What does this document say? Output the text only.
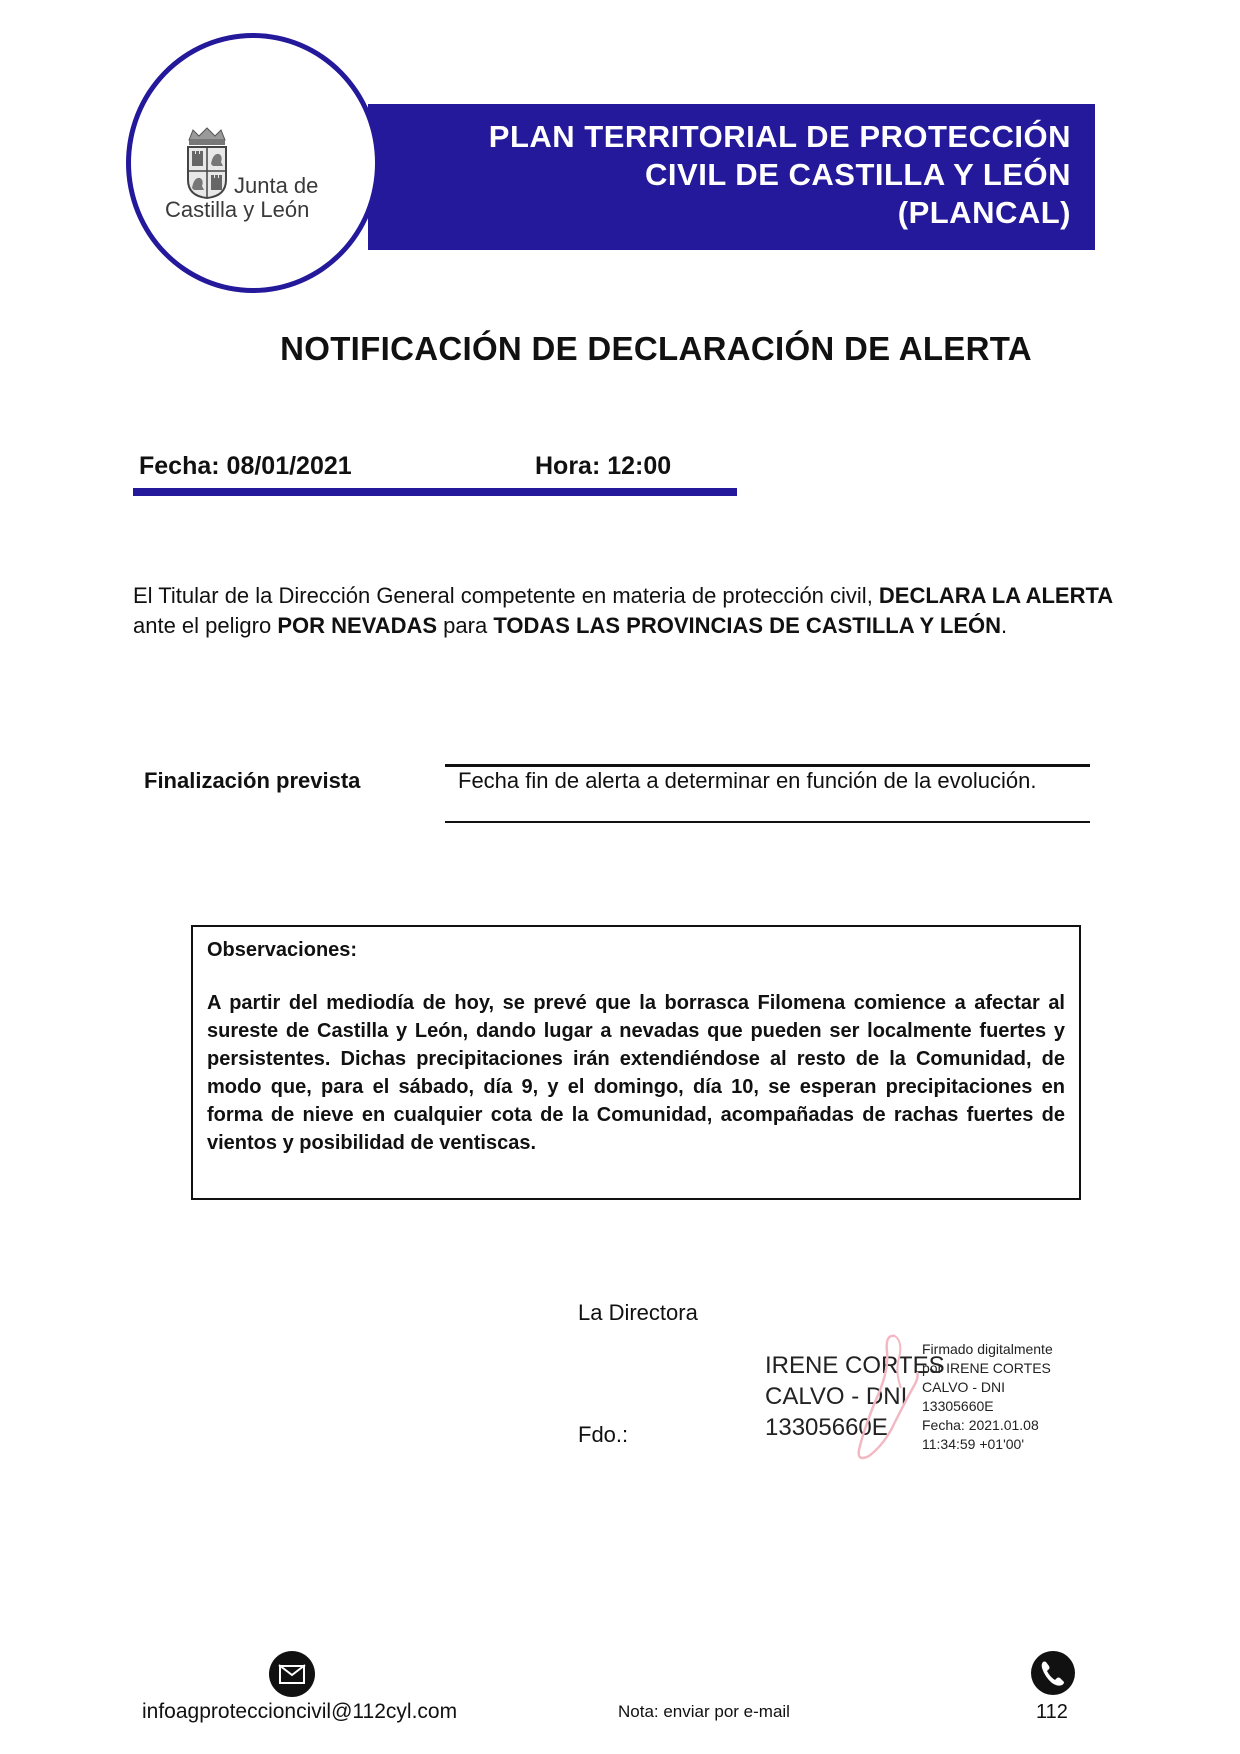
PLAN TERRITORIAL DE PROTECCIÓN
CIVIL DE CASTILLA Y LEÓN
(PLANCAL)
Junta de
Castilla y León
NOTIFICACIÓN DE DECLARACIÓN DE ALERTA
Fecha: 08/01/2021	Hora: 12:00
El Titular de la Dirección General competente en materia de protección civil, DECLARA LA ALERTA ante el peligro POR NEVADAS para TODAS LAS PROVINCIAS DE CASTILLA Y LEÓN.
Finalización prevista	Fecha fin de alerta a determinar en función de la evolución.
Observaciones:
A partir del mediodía de hoy, se prevé que la borrasca Filomena comience a afectar al sureste de Castilla y León, dando lugar a nevadas que pueden ser localmente fuertes y persistentes. Dichas precipitaciones irán extendiéndose al resto de la Comunidad, de modo que, para el sábado, día 9, y el domingo, día 10, se esperan precipitaciones en forma de nieve en cualquier cota de la Comunidad, acompañadas de rachas fuertes de vientos y posibilidad de ventiscas.
La Directora
Fdo.:
IRENE CORTES
CALVO - DNI
13305660E
Firmado digitalmente
por IRENE CORTES
CALVO - DNI
13305660E
Fecha: 2021.01.08
11:34:59 +01'00'
infoagproteccioncivil@112cyl.com	Nota: enviar por e-mail	112
